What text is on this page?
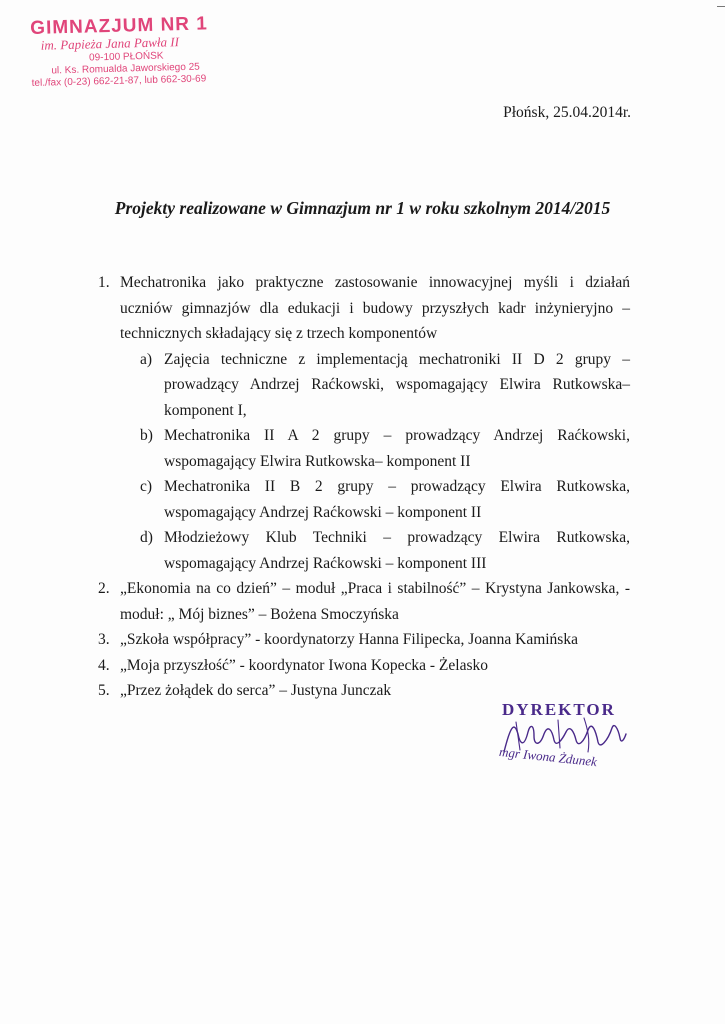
GIMNAZJUM NR 1
im. Papieża Jana Pawła II
09-100 PŁOŃSK
ul. Ks. Romualda Jaworskiego 25
tel./fax (0-23) 662-21-87, lub 662-30-69
Płońsk, 25.04.2014r.
Projekty realizowane w Gimnazjum nr 1 w roku szkolnym 2014/2015
1. Mechatronika jako praktyczne zastosowanie innowacyjnej myśli i działań uczniów gimnazjów dla edukacji i budowy przyszłych kadr inżynieryjno – technicznych składający się z trzech komponentów
a) Zajęcia techniczne z implementacją mechatroniki II D 2 grupy – prowadzący Andrzej Raćkowski, wspomagający Elwira Rutkowska– komponent I,
b) Mechatronika II A 2 grupy – prowadzący Andrzej Raćkowski, wspomagający Elwira Rutkowska– komponent II
c) Mechatronika II B 2 grupy – prowadzący Elwira Rutkowska, wspomagający Andrzej Raćkowski – komponent II
d) Młodzieżowy Klub Techniki – prowadzący Elwira Rutkowska, wspomagający Andrzej Raćkowski – komponent III
2. „Ekonomia na co dzień” – moduł „Praca i stabilność” – Krystyna Jankowska, - moduł: „ Mój biznes” – Bożena Smoczyńska
3. „Szkoła współpracy” - koordynatorzy Hanna Filipecka, Joanna Kamińska
4. „Moja przyszłość” - koordynator Iwona Kopecka - Żelasko
5. „Przez żołądek do serca” – Justyna Junczak
DYREKTOR
mgr Iwona Żdunek
